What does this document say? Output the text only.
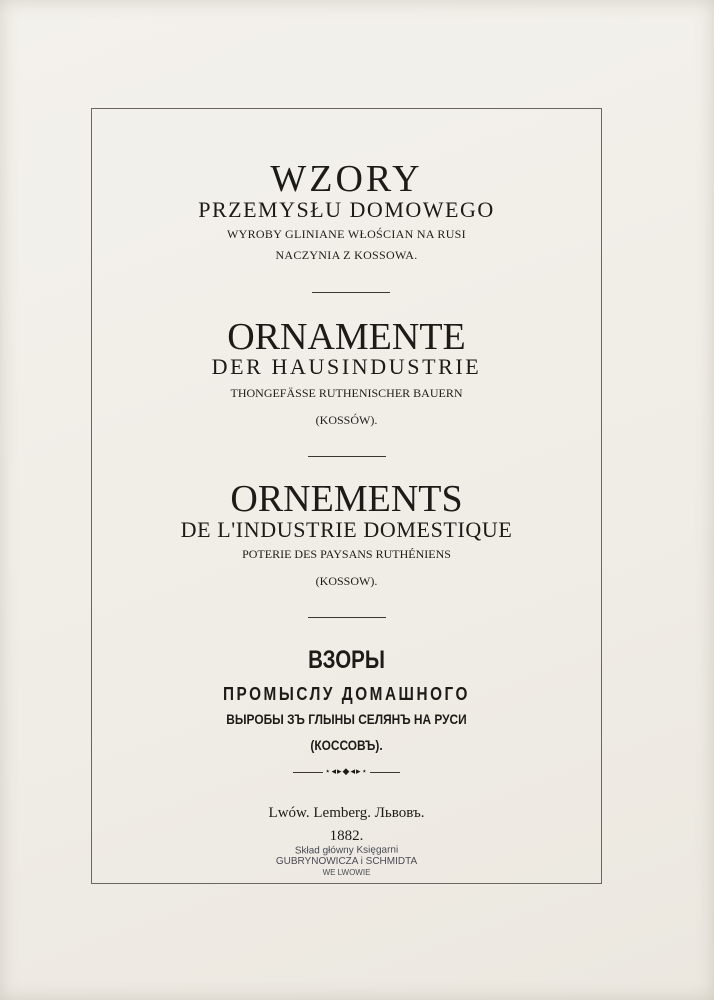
WZORY
PRZEMYSŁU DOMOWEGO
WYROBY GLINIANE WŁOŚCIAN NA RUSI
NACZYNIA Z KOSSOWA.
ORNAMENTE
DER HAUSINDUSTRIE
THONGEFÄSSE RUTHENISCHER BAUERN
(KOSSÓW).
ORNEMENTS
DE L'INDUSTRIE DOMESTIQUE
POTERIE DES PAYSANS RUTHÉNIENS
(KOSSOW).
ВЗОРЫ
ПРОМЫСЛУ ДОМАШНОГО
ВЫРОБЫ ЗЪ ГЛЫНЫ СЕЛЯНЪ НА РУСИ
(КОССОВЪ).
⋆◂▸◆◂▸⋆
Lwów. Lemberg. Львовъ.
1882.
Skład główny Księgarni
GUBRYNOWICZA i SCHMIDTA
WE LWOWIE
